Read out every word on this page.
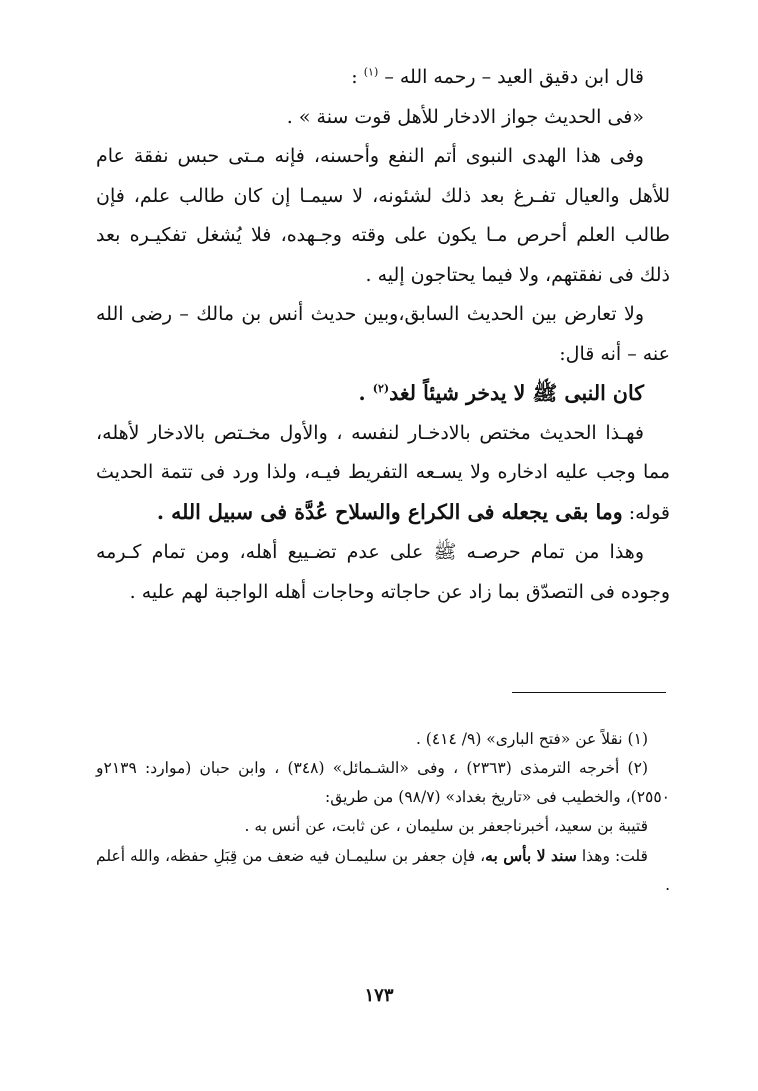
قال ابن دقيق العيد – رحمه الله – $^{(١)}$ :

«فى الحديث جواز الادخار للأهل قوت سنة » .

وفى هذا الهدى النبوى أتم النفع وأحسنه، فإنه مـتى حبس نفقة عام للأهل والعيال تفـرغ بعد ذلك لشئونه، لا سيمـا إن كان طالب علم، فإن طالب العلم أحرص مـا يكون على وقته وجـهده، فلا يُشغل تفكيـره بعد ذلك فى نفقتهم، ولا فيما يحتاجون إليه .

ولا تعارض بين الحديث السابق،وبين حديث أنس بن مالك – رضى الله عنه – أنه قال:

كان النبى ﷺ لا يدخر شيئاً لغد$^{(٢)}$ .

فهـذا الحديث مختص بالادخـار لنفسه ، والأول مخـتص بالادخار لأهله، مما وجب عليه ادخاره ولا يسـعه التفريط فيـه، ولذا ورد فى تتمة الحديث قوله: وما بقى يجعله فى الكراع والسلاح عُدَّة فى سبيل الله .

وهذا من تمام حرصـه ﷺ على عدم تضـييع أهله، ومن تمام كـرمه وجوده فى التصدّق بما زاد عن حاجاته وحاجات أهله الواجبة لهم عليه .

(١) نقلاً عن «فتح البارى» (٩/ ٤١٤) .

(٢) أخرجه الترمذى (٢٣٦٣) ، وفى «الشـمائل» (٣٤٨) ، وابن حبان (موارد: ٢١٣٩و ٢٥٥٠)، والخطيب فى «تاريخ بغداد» (٩٨/٧) من طريق:

قتيبة بن سعيد، أخبرناجعفر بن سليمان ، عن ثابت، عن أنس به .

قلت: وهذا سند لا بأس به، فإن جعفر بن سليمـان فيه ضعف من قِبَلِ حفظه، والله أعلم .

١٧٣
